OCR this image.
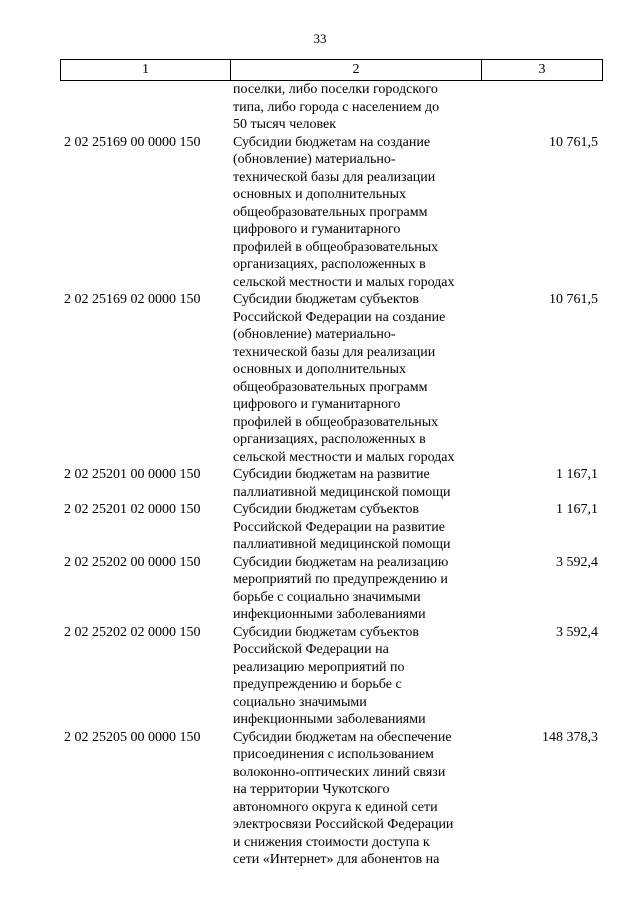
33
1	2	3
поселки, либо поселки городского
типа, либо города с населением до
50 тысяч человек
2 02 25169 00 0000 150	Субсидии бюджетам на создание
(обновление) материально-
технической базы для реализации
основных и дополнительных
общеобразовательных программ
цифрового и гуманитарного
профилей в общеобразовательных
организациях, расположенных в
сельской местности и малых городах
10 761,5
2 02 25169 02 0000 150	Субсидии бюджетам субъектов
Российской Федерации на создание
(обновление) материально-
технической базы для реализации
основных и дополнительных
общеобразовательных программ
цифрового и гуманитарного
профилей в общеобразовательных
организациях, расположенных в
сельской местности и малых городах
10 761,5
2 02 25201 00 0000 150	Субсидии бюджетам на развитие
паллиативной медицинской помощи
1 167,1
2 02 25201 02 0000 150	Субсидии бюджетам субъектов
Российской Федерации на развитие
паллиативной медицинской помощи
1 167,1
2 02 25202 00 0000 150	Субсидии бюджетам на реализацию
мероприятий по предупреждению и
борьбе с социально значимыми
инфекционными заболеваниями
3 592,4
2 02 25202 02 0000 150	Субсидии бюджетам субъектов
Российской Федерации на
реализацию мероприятий по
предупреждению и борьбе с
социально значимыми
инфекционными заболеваниями
3 592,4
2 02 25205 00 0000 150	Субсидии бюджетам на обеспечение
присоединения с использованием
волоконно-оптических линий связи
на территории Чукотского
автономного округа к единой сети
электросвязи Российской Федерации
и снижения стоимости доступа к
сети «Интернет» для абонентов на
148 378,3
